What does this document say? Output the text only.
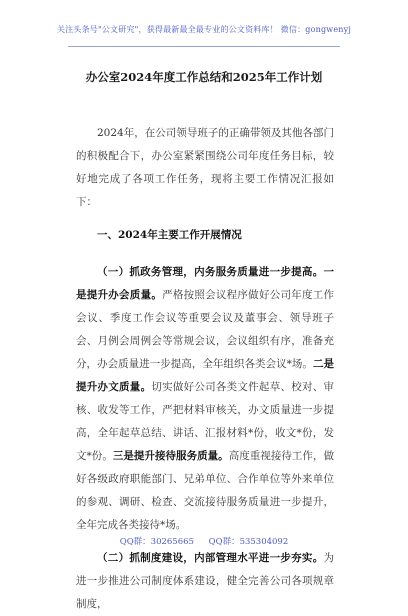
关注头条号"公文研究"，获得最新最全最专业的公文资料库！ 微信：gongwenyj
办公室2024年度工作总结和2025年工作计划

2024年，在公司领导班子的正确带领及其他各部门的积极配合下，办公室紧紧围绕公司年度任务目标，较好地完成了各项工作任务，现将主要工作情况汇报如下：

一、2024年主要工作开展情况

（一）抓政务管理，内务服务质量进一步提高。一是提升办会质量。严格按照会议程序做好公司年度工作会议、季度工作会议等重要会议及董事会、领导班子会、月例会周例会等常规会议，会议组织有序，准备充分，办会质量进一步提高，全年组织各类会议*场。二是提升办文质量。切实做好公司各类文件起草、校对、审核、收发等工作，严把材料审核关，办文质量进一步提高，全年起草总结、讲话、汇报材料*份，收文*份，发文*份。三是提升接待服务质量。高度重视接待工作，做好各级政府职能部门、兄弟单位、合作单位等外来单位的参观、调研、检查、交流接待服务质量进一步提升，全年完成各类接待*场。

（二）抓制度建设，内部管理水平进一步夯实。为进一步推进公司制度体系建设，健全完善公司各项规章制度，

QQ群：30265665 QQ群：535304092
